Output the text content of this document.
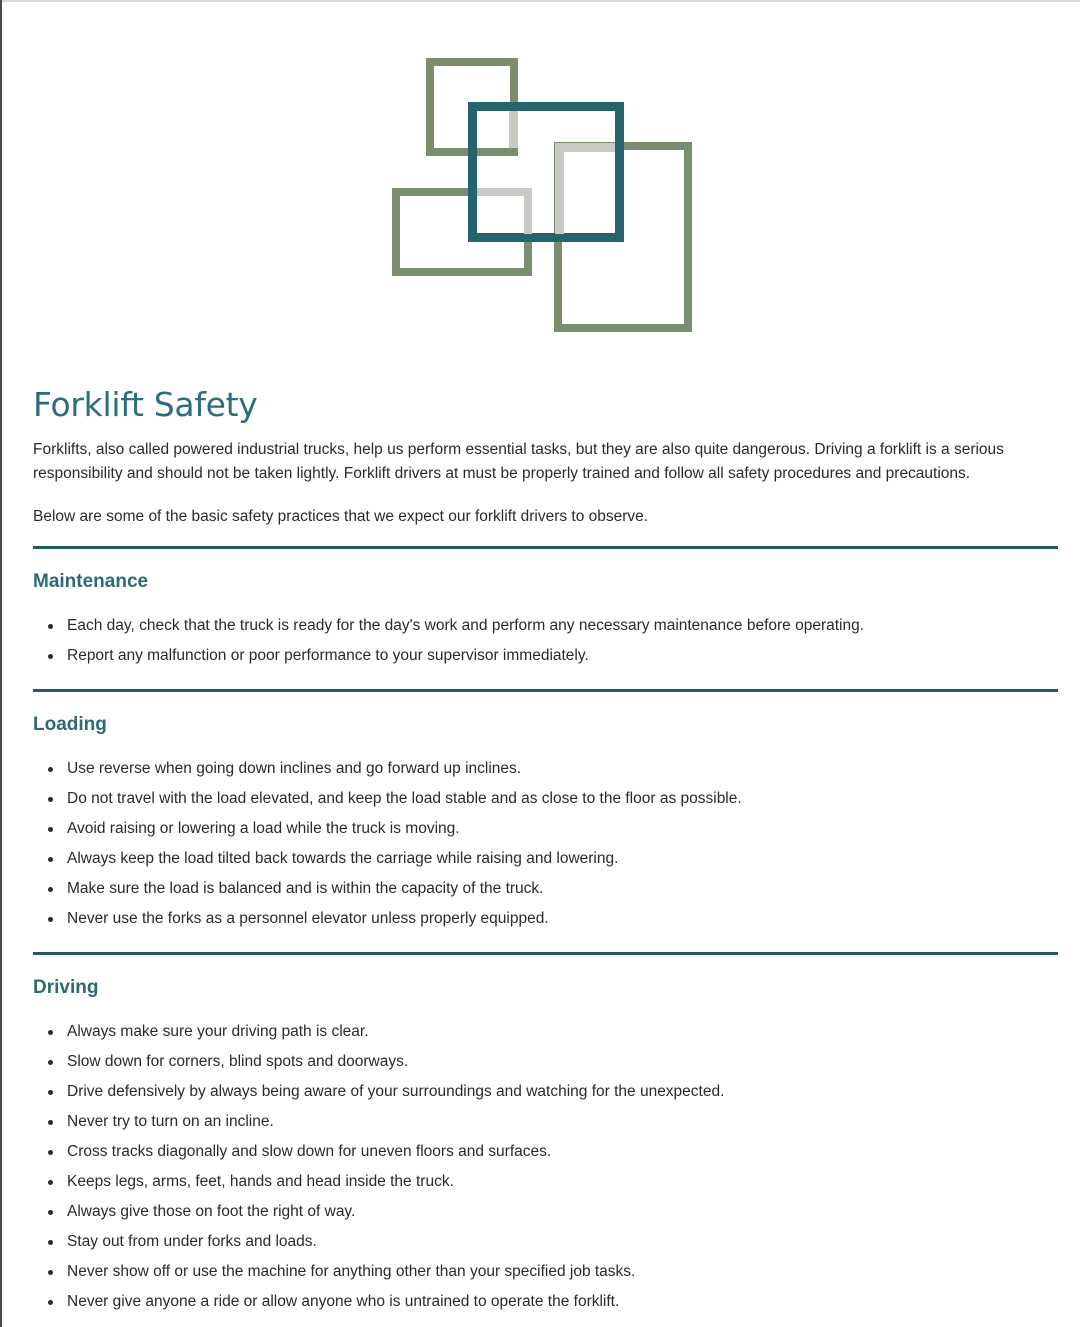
Forklift Safety

Forklifts, also called powered industrial trucks, help us perform essential tasks, but they are also quite dangerous. Driving a forklift is a serious responsibility and should not be taken lightly. Forklift drivers at must be properly trained and follow all safety procedures and precautions.

Below are some of the basic safety practices that we expect our forklift drivers to observe.

Maintenance
Each day, check that the truck is ready for the day's work and perform any necessary maintenance before operating.
Report any malfunction or poor performance to your supervisor immediately.
Loading
Use reverse when going down inclines and go forward up inclines.
Do not travel with the load elevated, and keep the load stable and as close to the floor as possible.
Avoid raising or lowering a load while the truck is moving.
Always keep the load tilted back towards the carriage while raising and lowering.
Make sure the load is balanced and is within the capacity of the truck.
Never use the forks as a personnel elevator unless properly equipped.
Driving
Always make sure your driving path is clear.
Slow down for corners, blind spots and doorways.
Drive defensively by always being aware of your surroundings and watching for the unexpected.
Never try to turn on an incline.
Cross tracks diagonally and slow down for uneven floors and surfaces.
Keeps legs, arms, feet, hands and head inside the truck.
Always give those on foot the right of way.
Stay out from under forks and loads.
Never show off or use the machine for anything other than your specified job tasks.
Never give anyone a ride or allow anyone who is untrained to operate the forklift.
